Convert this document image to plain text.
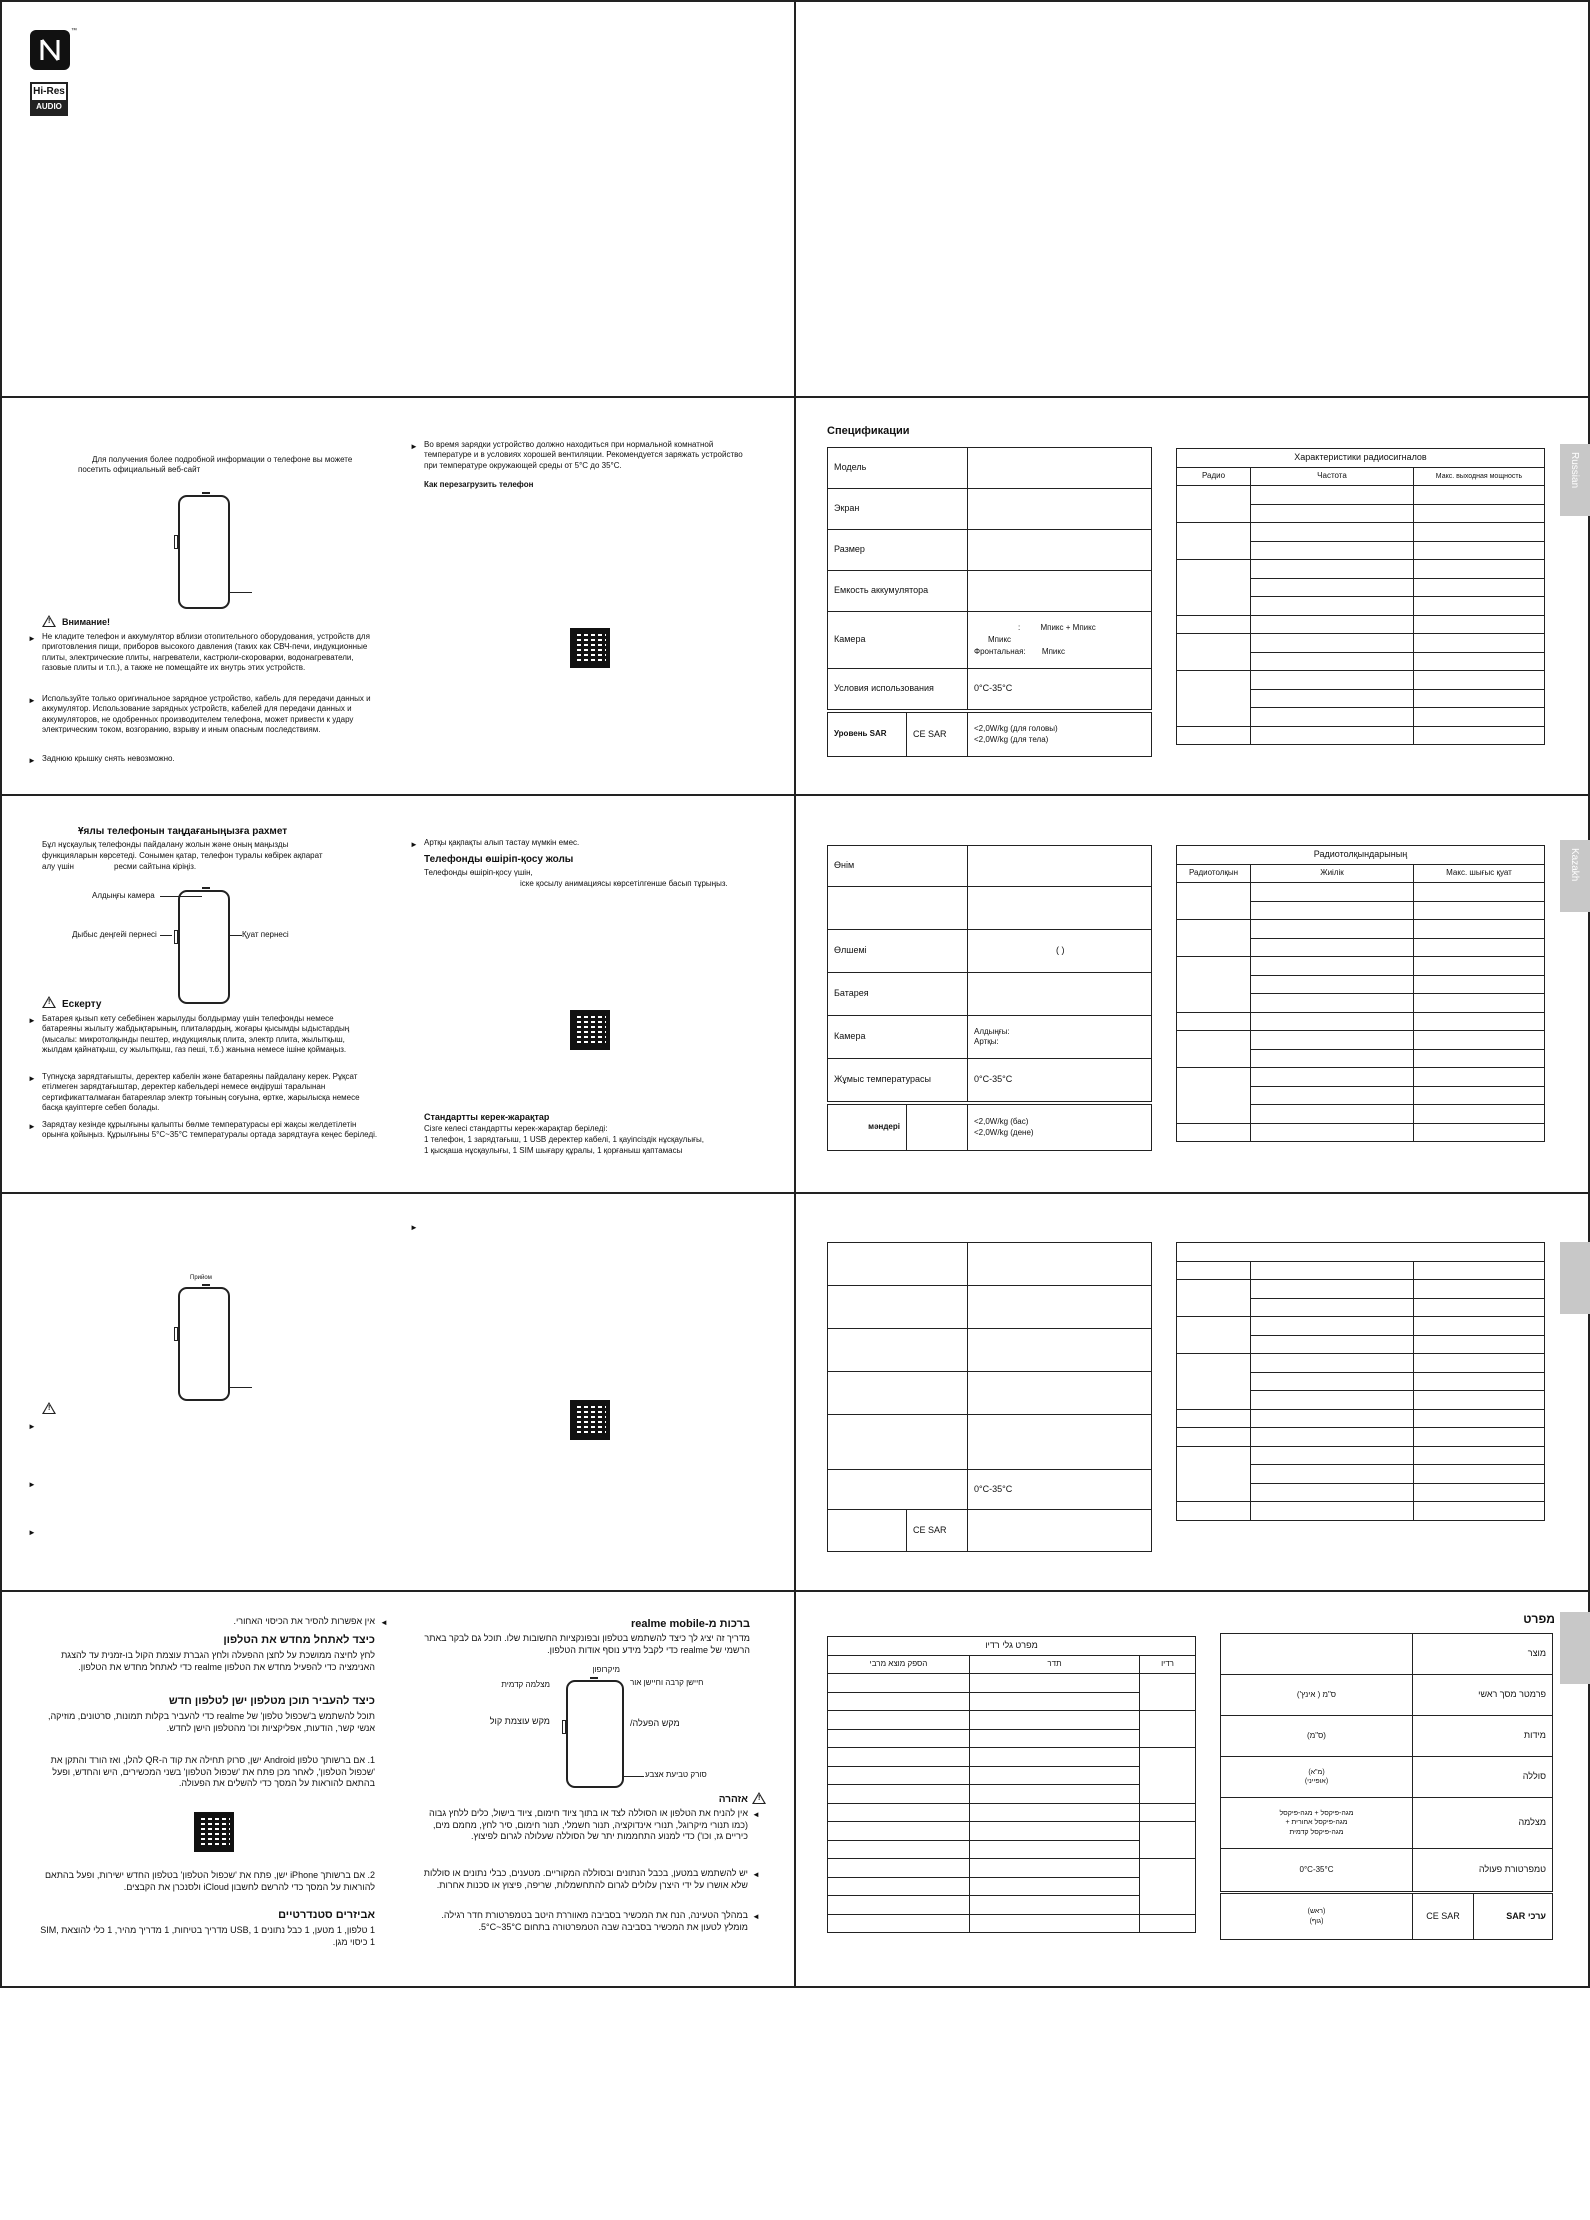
™
Hi-Res
AUDIO
Для получения более подробной информации о телефоне вы можете посетить официальный веб-сайт
! Внимание!
► Не кладите телефон и аккумулятор вблизи отопительного оборудования, устройств для приготовления пищи, приборов высокого давления (таких как СВЧ-печи, индукционные плиты, электрические плиты, нагреватели, кастрюли-скороварки, водонагреватели, газовые плиты и т.п.), а также не помещайте их внутрь этих устройств.
► Используйте только оригинальное зарядное устройство, кабель для передачи данных и аккумулятор. Использование зарядных устройств, кабелей для передачи данных и аккумуляторов, не одобренных производителем телефона, может привести к удару электрическим током, возгоранию, взрыву и иным опасным последствиям.
► Заднюю крышку снять невозможно.
► Во время зарядки устройство должно находиться при нормальной комнатной температуре и в условиях хорошей вентиляции. Рекомендуется заряжать устройство при температуре окружающей среды от 5°C до 35°C.
Как перезагрузить телефон
Спецификации
Модель	
Экран	
Размер	
Емкость аккумулятора	
Камера	: Мпикс + Мпикс
Мпикс
Фронтальная: Мпикс
Условия использования	0°C-35°C
Уровень SAR	CE SAR	
<2,0W/kg (для головы)
<2,0W/kg (для тела)
Характеристики радиосигналов		
Радио	Частота	Макс. выходная мощность

			Russian
Ұялы телефонын таңдағаныңызға рахмет
Бұл нұсқаулық телефонды пайдалану жолын және оның маңызды
функцияларын көрсетеді. Сонымен қатар, телефон туралы көбірек ақпарат
алу үшін	ресми сайтына кіріңіз.
Алдыңғы камера
Дыбыс деңгейі пернесі	Қуат пернесі
! Ескерту
► Батарея қызып кету себебінен жарылуды болдырмау үшін телефонды немесе батареяны жылыту жабдықтарының, плиталардың, жоғары қысымды ыдыстардың (мысалы: микротолқынды пештер, индукциялық плита, электр плита, жылытқыш, жылдам қайнатқыш, су жылытқыш, газ пеші, т.б.) жанына немесе ішіне қоймаңыз.
► Түпнұсқа зарядтағышты, деректер кабелін және батареяны пайдалану керек. Рұқсат етілмеген зарядтағыштар, деректер кабельдері немесе өндіруші таралынан сертификатталмаған батареялар электр тоғының соғуына, өртке, жарылысқа немесе басқа қауіптерге себеп болады.
► Зарядтау кезінде құрылғыны қалыпты бөлме температурасы ері жақсы желдетілетін орынға қойыңыз. Құрылғыны 5°C~35°C температуралы ортада зарядтауға кеңес беріледі.
► Артқы қақпақты алып тастау мүмкін емес.
Телефонды өшіріп-қосу жолы
Телефонды өшіріп-қосу үшін,
іске қосылу анимациясы көрсетілгенше басып тұрыңыз.
Стандартты керек-жарақтар
Сізге келесі стандартты керек-жарақтар беріледі:
1 телефон, 1 зарядтағыш, 1 USB деректер кабелі, 1 қауіпсіздік нұсқаулығы,
1 қысқаша нұсқаулығы, 1 SIM шығару құралы, 1 қорғаныш қаптамасы
Өнім	

Өлшемі	( )
Батарея	
Камера	Алдыңғы:
Артқы:

Жұмыс температурасы	0°C-35°C
мәндері		
<2,0W/kg (бас)
<2,0W/kg (дене)
Радиотолқындарының		
Радиотолқын	Жиілік	Макс. шығыс қуат

			Kazakh
►
Прийом
!
►
►
►

	0°C-35°C
	CE SAR	

ברכות מ-realme mobile
מדריך זה יציג לך כיצד להשתמש בטלפון ובפונקציות החשובות שלו. תוכל גם לבקר באתר הרשמי של realme כדי לקבל מידע נוסף אודות הטלפון.
מיקרופון
מצלמה קדמית	חיישן קרבה וחיישן אור
מקש עוצמת קול	מקש הפעלה/
סורק טביעת אצבע
!
אזהרה
◄
אין להניח את הטלפון או הסוללה לצד או בתוך ציוד חימום, ציוד בישול, כלים ללחץ גבוה (כמו תנורי מיקרוגל, תנורי אינדוקציה, תנור חשמלי, תנור חימום, סיר לחץ, מחמם מים, כיריים גז, וכו') כדי למנוע התחממות יתר של הסוללה שעלולה לגרום לפיצוץ.
◄
יש להשתמש במטען, בכבל הנתונים ובסוללה המקוריים. מטענים, כבלי נתונים או סוללות שלא אושרו על ידי היצרן עלולים לגרום להתחשמלות, שריפה, פיצוץ או סכנות אחרות.
◄
במהלך הטעינה, הנח את המכשיר בסביבה מאווררת היטב בטמפרטורת חדר רגילה. מומלץ לטעון את המכשיר בסביבה שבה הטמפרטורה בתחום 5°C~35°C.
◄
אין אפשרות להסיר את הכיסוי האחורי.
כיצד לאתחל מחדש את הטלפון
לחץ לחיצה ממושכת על לחצן ההפעלה ולחץ הגברת עוצמת הקול בו-זמנית עד להצגת האנימציה כדי להפעיל מחדש את הטלפון realme כדי לאתחל מחדש את הטלפון.
כיצד להעביר תוכן מטלפון ישן לטלפון חדש
תוכל להשתמש ב'שכפול טלפון' של realme כדי להעביר בקלות תמונות, סרטונים, מוזיקה, אנשי קשר, הודעות, אפליקציות וכו' מהטלפון הישן לחדש.
1. אם ברשותך טלפון Android ישן, סרוק תחילה את קוד ה-QR להלן, ואז הורד והתקן את 'שכפול הטלפון', לאחר מכן פתח את 'שכפול הטלפון' בשני המכשירים, היש והחדש, ופעל בהתאם להוראות על המסך כדי להשלים את הפעולה.
2. אם ברשותך iPhone ישן, פתח את 'שכפול הטלפון' בטלפון החדש ישירות, ופעל בהתאם להוראות על המסך כדי להרשם לחשבון iCloud ולסנכרן את הקבצים.
אביזרים סטנדרטיים
1 טלפון, 1 מטען, 1 כבל נתונים USB, 1 מדריך בטיחות, 1 מדריך מהיר, 1 כלי להוצאת SIM, 1 כיסוי מגן.
מפרט
מוצר	
פרמטר מסך ראשי	ס"מ ( אינץ')
מידות	(ס"מ)
סוללה	(מ"א)
(אופייני)

מצלמה	מגה-פיקסל + מגה-פיקסל
מגה-פיקסל אחורית +
מגה-פיקסל קדמית

טמפרטורת פעולה	0°C-35°C
ערכי SAR	CE SAR	
(ראש)
(גוף)
מפרט גלי רדיו		
רדיו	תדר	הספק מוצא מרבי
